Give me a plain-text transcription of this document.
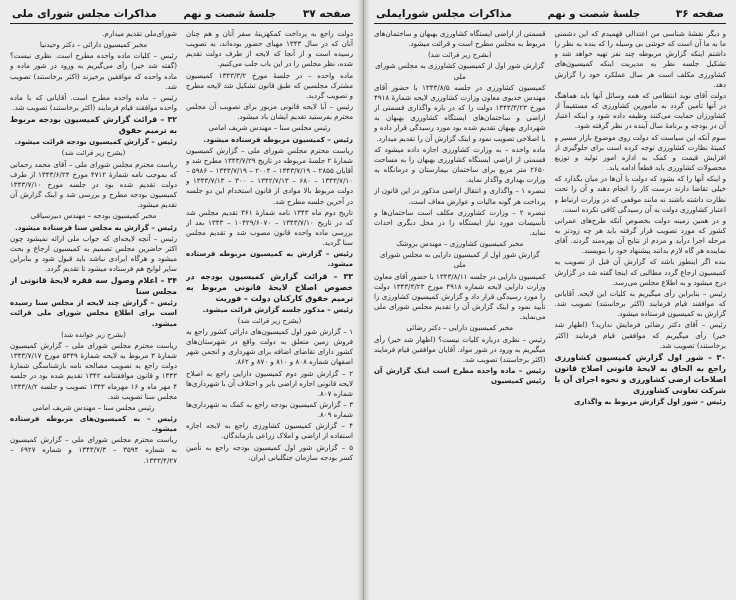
صفحه ۳۷
جلسهٔ شصت و نهم
مذاکرات مجلس شورای ملی

دولت راجع به پرداخت کمکهزینهٔ سفر آنان و هم چنان آنان که در سال ۱۳۴۳ مهیای حضور بوده‌اند، به تصویب رسیده است و از آنجا که لایحه از طرف دولت تقدیم شده، نظر مجلس را در این باب جلب می‌کنیم.

ماده واحده – در جلسهٔ مورخ ۱۳۴۳/۳/۲ کمیسیون مشترک مجلسین که طبق قانون تشکیل شد لایحه مطرح و تصویب گردید.

رئیس – آیا لایحه قانونی مزبور برای تصویب آن مجلس محترم بفرستید تقدیم ایشان باد میشود.

رئیس مجلس سنا – مهندس شریف امامی

رئیس – کمیسیون مربوطه فرستاده میشود.

ریاست محترم مجلس شورای ملی – گزارش کمیسیون شمارهٔ ۲ جلسهٔ مربوطه در تاریخ ۱۳۴۳/۷/۲۹ مطرح شد و آقایان ۲۸۵۵ – ۱۳۴۳/۷/۱۹ – ۲۰۰۴ – ۱۳۴۳/۷/۱۹ – ۵۹۸۶ – ۱۳۴۳/۷/۱۰ – ۶۸۰ – ۱۳۴۲/۷/۱۳ – ۳۰۰ – ۱۳۴۳/۷/۱۳ و دولت مربوط بالا موادی از قانون استخدام این دو جلسه در آخرین جلسه مطرح شد.

تاریخ دوم ماه ۱۳۴۳ نامه شمارهٔ ۳۶۱ تقدیم مجلس شد که در تاریخ ۱۳۴۳/۷/۱۰ – ۱۰۴۲۹/۶۰۷۰ – ۱۳۴۳ بعد از بررسی ماده واحده قانون مصوب شد و تقدیم مجلس سنا گردید.

رئیس – گزارش به کمیسیون مربوطه فرستاده میشود.

۳۳ – قرائت گزارش کمیسیون بودجه در خصوص اصلاح لایحهٔ قانونی مربوط به ترمیم حقوق کارکنان دولت – فوریت

رئیس – مذکور جلسه گزارش قرائت میشود.

(بشرح زیر قرائت شد)

۱ – گزارش شور اول کمیسیون‌های دارائی کشور راجع به فروش زمین متعلق به دولت واقع در شهرستان‌های کشور دارای تقاضای اضافه برای شهرداری و انجمن شهر اصفهان شماره ۸۰۸ و ۸۱۰ و ۸۷۰ و ۸۶۲.

۲ – گزارش شور دوم کمیسیون دارایی راجع به اصلاح لایحه قانونی اجاره اراضی بایر و اختلاف آن با شهرداری‌ها شماره ۸۰۷.

۳ – گزارش کمیسیون بودجه راجع به کمک به شهرداری‌ها شماره ۸۰۹.

۴ – گزارش کمیسیون کشاورزی راجع به لایحه اجازه استفاده از اراضی و املاک زراعی بازماندگان.

۵ – گزارش شور اول کمیسیون بودجه راجع به تأمین کسر بودجه سازمان جنگلبانی ایران.

شورای‌ملی تقدیم میدارم.

مخبر کمیسیون دارائی – دکتر وحیدنیا

رئیس – کلیات ماده واحده مطرح است. نظری نیست؟ (گفته شد خیر) رأی می‌گیریم به ورود در شور ماده و ماده واحده که موافقین برخیزند (اکثر برخاستند) تصویب شد.

رئیس – ماده واحده مطرح است. آقایانی که با ماده واحده موافقند قیام فرمایند (اکثر برخاستند) تصویب شد.

۳۲ – قرائت گزارش کمیسیون بودجه مربوط به ترمیم حقوق

رئیس – گزارش کمیسیون بودجه قرائت میشود.

(بشرح زیر قرائت شد)

ریاست محترم مجلس شورای ملی – آقای محمد رحمانی که بموجب نامه شمارهٔ ۴۷۱۲ مورخ ۱۳۴۳/۶/۲۴ از طرف دولت تقدیم شده بود در جلسه مورخ ۱۳۴۳/۷/۱۰ کمیسیون بودجه مطرح و بررسی شد و اینک گزارش آن تقدیم میشود.

مخبر کمیسیون بودجه – مهندس دبیرسیاقی

رئیس – گزارش به مجلس سنا فرستاده میشود.

رئیس – آنچه لایحه‌ای که جواب ملی ارائه نمیشود چون اکثر حاضرین مجلس تصمیم به کمیسیون ارجاع و بحث میشود و هرگاه ایرادی نباشد باید قبول شود و بنابراین سایر لوایح هم فرستاده میشود تا تقدیم گردد.

۳۴ – اعلام وصول سه فقره لایحهٔ قانونی از مجلس سنا

رئیس – گزارش چند لایحه از مجلس سنا رسیده است برای اطلاع مجلس شورای ملی قرائت میشود.

(بشرح زیر خوانده شد)

ریاست محترم مجلس شورای ملی – گزارش کمیسیون شمارهٔ ۳ مربوط به لایحه شمارهٔ ۵۳۴۹ مورخ ۱۳۴۳/۷/۱۷ دولت راجع به تصویب مصالحه نامه بازشناسگی شمارهٔ ۱۳۴۳ و قانون موافقتنامه ۱۳۴۲ تقدیم شده بود در جلسه ۴ مهر ماه و ۱۶ مهرماه ۱۳۴۳ تصویب و جلسه ۱۳۴۳/۸/۲ مجلس سنا تصویب شد.

رئیس مجلس سنا – مهندس شریف امامی

رئیس – به کمیسیون‌های مربوطه فرستاده میشود.

ریاست محترم مجلس شورای ملی – گزارش کمیسیون به شماره ۳۵۹۴ – ۱۳۴۳/۷/۳ و شماره ۶۹۲۷ – ۱۳۴۳/۴/۲۷.

صفحه ۳۶
جلسهٔ شصت و نهم
مذاکرات مجلس شورایملی

و دیگر نقشهٔ شناسی من اعتدالی فهمیدم که این دشمنی ما به ما آن است که خوشی بی وسیله را که بنده به نظر را داشتم اینکه گزارش مربوطه چند نفر تهیه خواهد شد و تشکیل جلسه نظر به مدیریت اینکه کمیسیون‌های کشاورزی مکلف است هر سال عملکرد خود را گزارش دهد.

دولت آقای نوید انتظامی که همه وسائل آنها باید هماهنگ در آنها تأمین گردد به مأمورین کشاورزی که مستقیماً از کشاورزان حمایت می‌کنند وظیفه داده شود و اینکه اعتبار آن در بودجه و برنامهٔ سال آینده در نظر گرفته شود.

سوم آنکه این سیاست که دولت روی موضوع بازار مسیر و کمیتهٔ نظارت کشاورزی توجه کرده است برای جلوگیری از افزایش قیمت و کمک به اداره امور تولید و توزیع محصولات کشاورزی باید قطعاً ادامه یابد.

و اینکه آنها را که بشود که دولت با آن‌ها در میان بگذارد که خیلی تقاضا دارند درست کار را انجام دهند و آن را تحت نظارت داشته باشند نه مانند موقعی که در وزارت ارتباط و اعتبار کشاورزی دولت به آن رسیدگی کافی نکرده است.

و در همین زمینه دولت بخصوص آنکه طرح‌های عمرانی کشور که مورد تصویب قرار گرفته باید هر چه زودتر به مرحله اجرا درآید و مردم از نتایج آن بهره‌مند گردند. آقای نماینده هر گاه لازم بدانند پیشنهاد خود را بنویسند.

بنده اگر اینطور باشد که گزارش آن قبل از تصویب به کمیسیون ارجاع گردد مطالبی که اینجا گفته شد در گزارش درج میشود و به اطلاع مجلس می‌رسد.

رئیس – بنابراین رأی میگیریم به کلیات این لایحه. آقایانی که موافقند قیام فرمایند (اکثر برخاستند) تصویب شد. گزارش به کمیسیون فرستاده میشود.

رئیس – آقای دکتر رضائی فرمایش ندارید؟ (اظهار شد خیر) رأی میگیریم که موافقین قیام فرمایند (اکثر برخاستند) تصویب شد.

۳۰ – شور اول گزارش کمیسیون کشاورزی راجع به الحاق به لایحهٔ قانونی اصلاح قانون اصلاحات ارضی کشاورزی و نحوه اجرای آن با شرکت تعاونی کشاورزی

رئیس – شور اول گزارش مربوط به واگذاری

قسمتی از اراضی ایستگاه کشاورزی بهبهان و ساختمان‌های مربوط به مجلس مطرح است و قرائت میشود.

(بشرح زیر قرائت شد)

گزارش شور اول از کمیسیون کشاورزی به مجلس شورای ملی

کمیسیون کشاورزی در جلسه ۱۳۴۳/۸/۵ با حضور آقای مهندس خدیوی معاون وزارت کشاورزی لایحه شمارهٔ ۴۹۱۸ مورخ ۱۳۴۳/۴/۲۳ دولت را که در باره واگذاری قسمتی از اراضی و ساختمان‌های ایستگاه کشاورزی بهبهان به شهرداری بهبهان تقدیم شده بود مورد رسیدگی قرار داده و با اصلاحی تصویب نمود و اینک گزارش آن را تقدیم میدارد.

ماده واحده – به وزارت کشاورزی اجازه داده میشود که قسمتی از اراضی ایستگاه کشاورزی بهبهان را به مساحت ۲۶۵۰ متر مربع برای ساختمان بیمارستان و درمانگاه به وزارت بهداری واگذار نماید.

تبصره ۱ – واگذاری و انتقال اراضی مذکور در این قانون از پرداخت هر گونه مالیات و عوارض معاف است.

تبصره ۲ – وزارت کشاورزی مکلف است ساختمان‌ها و تأسیسات مورد نیاز ایستگاه را در محل دیگری احداث نماید.

مخبر کمیسیون کشاورزی – مهندس بروشک

گزارش شور اول از کمیسیون دارایی به مجلس شورای ملی

کمیسیون دارایی در جلسه ۱۳۴۳/۸/۱۱ با حضور آقای معاون وزارت دارایی لایحه شماره ۴۹۱۸ مورخ ۱۳۴۳/۴/۲۳ دولت را مورد رسیدگی قرار داد و گزارش کمیسیون کشاورزی را تأیید نمود و اینک گزارش آن را تقدیم مجلس شورای ملی می‌نماید.

مخبر کمیسیون دارایی – دکتر رضائی

رئیس – نظری درباره کلیات نیست؟ (اظهار شد خیر) رأی میگیریم به ورود در شور مواد. آقایان موافقین قیام فرمایند (اکثر برخاستند) تصویب شد.

رئیس – ماده واحده مطرح است اینک گزارش آن رئیس کمیسیون
